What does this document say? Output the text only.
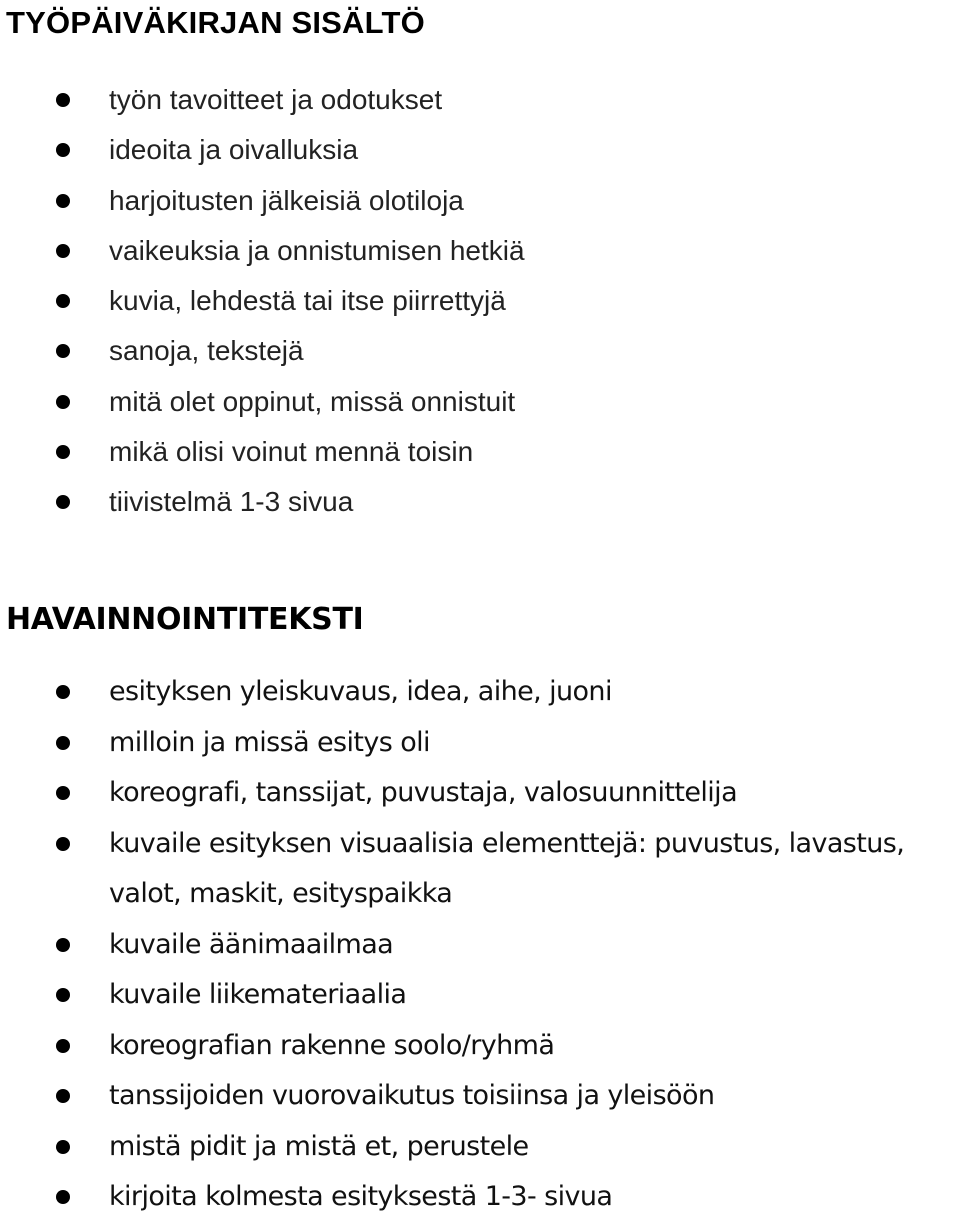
TYÖPÄIVÄKIRJAN SISÄLTÖ
työn tavoitteet ja odotukset
ideoita ja oivalluksia
harjoitusten jälkeisiä olotiloja
vaikeuksia ja onnistumisen hetkiä
kuvia, lehdestä tai itse piirrettyjä
sanoja, tekstejä
mitä olet oppinut, missä onnistuit
mikä olisi voinut mennä toisin
tiivistelmä 1-3 sivua
HAVAINNOINTITEKSTI
esityksen yleiskuvaus, idea, aihe, juoni
milloin ja missä esitys oli
koreografi, tanssijat, puvustaja, valosuunnittelija
kuvaile esityksen visuaalisia elementtejä: puvustus, lavastus, valot, maskit, esityspaikka
kuvaile äänimaailmaa
kuvaile liikemateriaalia
koreografian rakenne soolo/ryhmä
tanssijoiden vuorovaikutus toisiinsa ja yleisöön
mistä pidit ja mistä et, perustele
kirjoita kolmesta esityksestä 1-3- sivua
